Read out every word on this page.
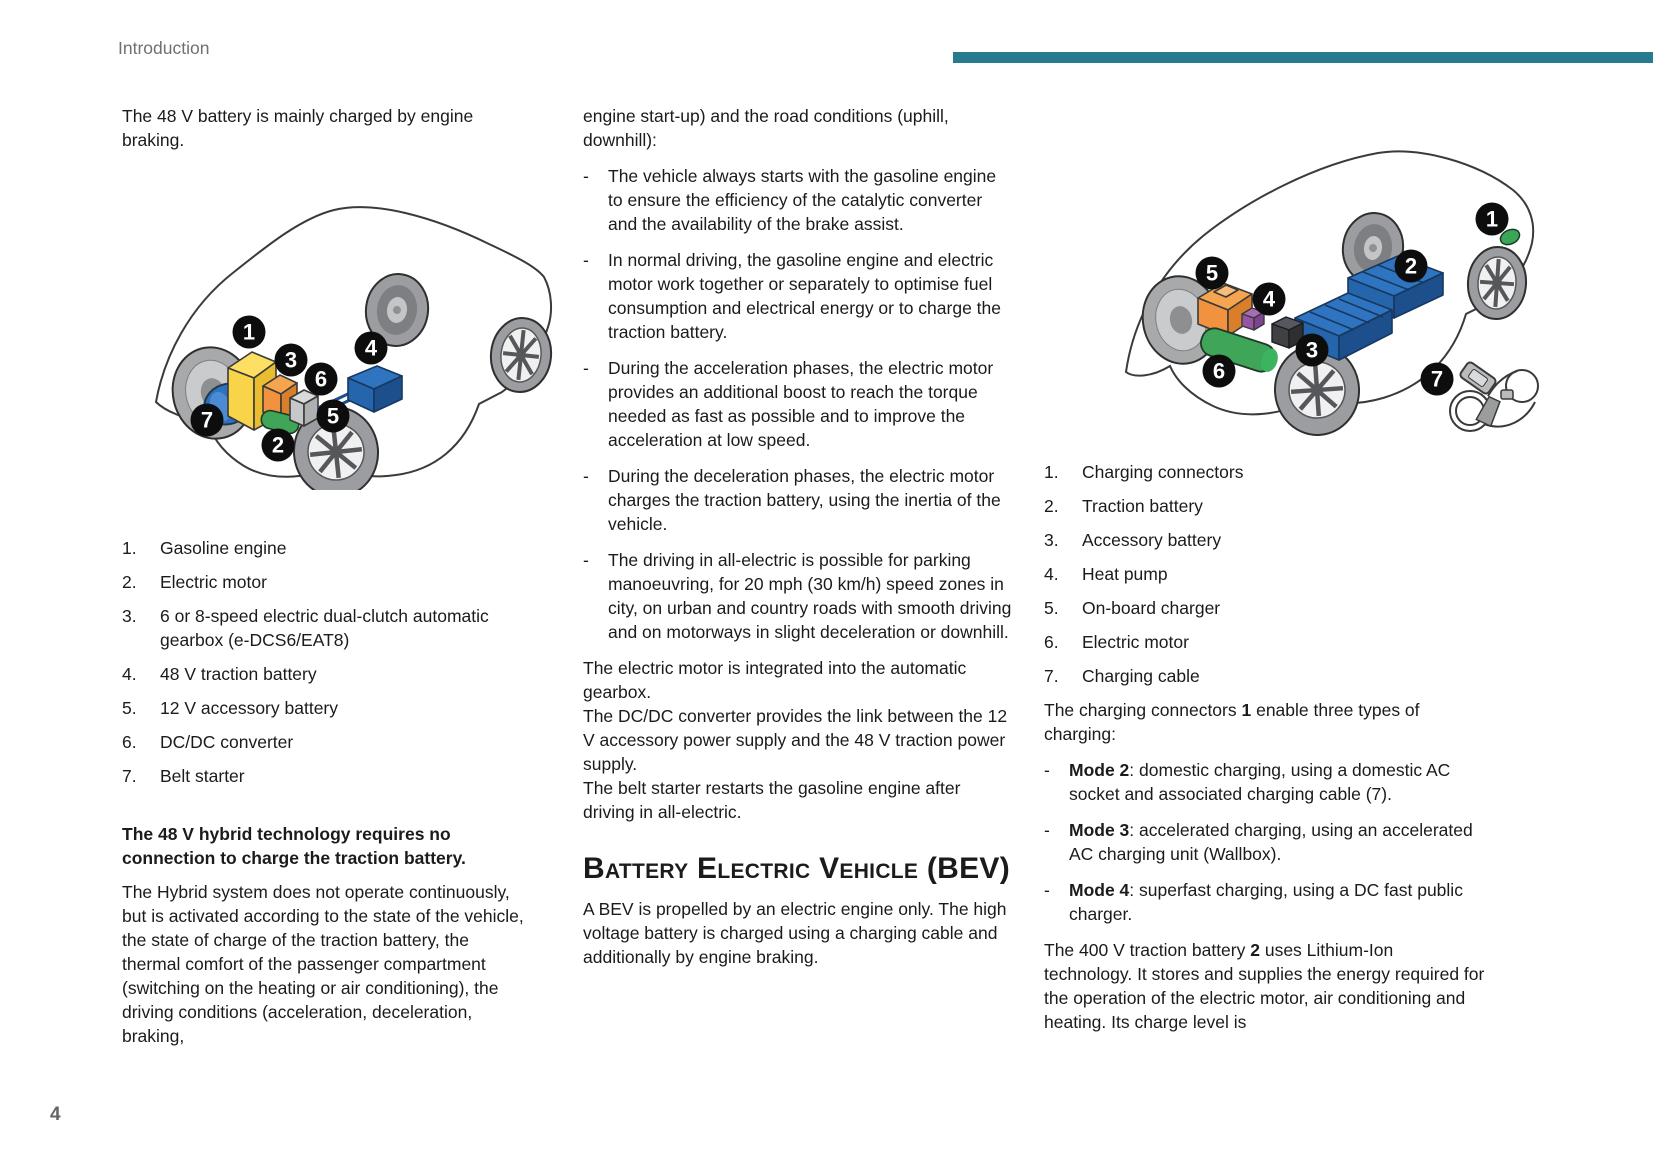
Introduction

The 48 V battery is mainly charged by engine braking.

1.	Gasoline engine

2.	Electric motor

3.	6 or 8-speed electric dual-clutch automatic gearbox (e-DCS6/EAT8)

4.	48 V traction battery

5.	12 V accessory battery

6.	DC/DC converter

7.	Belt starter

The 48 V hybrid technology requires no connection to charge the traction battery.

The Hybrid system does not operate continuously, but is activated according to the state of the vehicle, the state of charge of the traction battery, the thermal comfort of the passenger compartment (switching on the heating or air conditioning), the driving conditions (acceleration, deceleration, braking,

engine start-up) and the road conditions (uphill, downhill):

-	The vehicle always starts with the gasoline engine to ensure the efficiency of the catalytic converter and the availability of the brake assist.

-	In normal driving, the gasoline engine and electric motor work together or separately to optimise fuel consumption and electrical energy or to charge the traction battery.

-	During the acceleration phases, the electric motor provides an additional boost to reach the torque needed as fast as possible and to improve the acceleration at low speed.

-	During the deceleration phases, the electric motor charges the traction battery, using the inertia of the vehicle.

-	The driving in all-electric is possible for parking manoeuvring, for 20 mph (30 km/h) speed zones in city, on urban and country roads with smooth driving and on motorways in slight deceleration or downhill.

The electric motor is integrated into the automatic gearbox.

The DC/DC converter provides the link between the 12 V accessory power supply and the 48 V traction power supply.

The belt starter restarts the gasoline engine after driving in all-electric.

Battery Electric Vehicle (BEV)

A BEV is propelled by an electric engine only. The high voltage battery is charged using a charging cable and additionally by engine braking.

1.	Charging connectors

2.	Traction battery

3.	Accessory battery

4.	Heat pump

5.	On-board charger

6.	Electric motor

7.	Charging cable

The charging connectors 1 enable three types of charging:

-	Mode 2: domestic charging, using a domestic AC socket and associated charging cable (7).

-	Mode 3: accelerated charging, using an accelerated AC charging unit (Wallbox).

-	Mode 4: superfast charging, using a DC fast public charger.

The 400 V traction battery 2 uses Lithium-Ion technology. It stores and supplies the energy required for the operation of the electric motor, air conditioning and heating. Its charge level is

1
3
6
4
5
7
2
1
2
5
4
3
6	7
4
